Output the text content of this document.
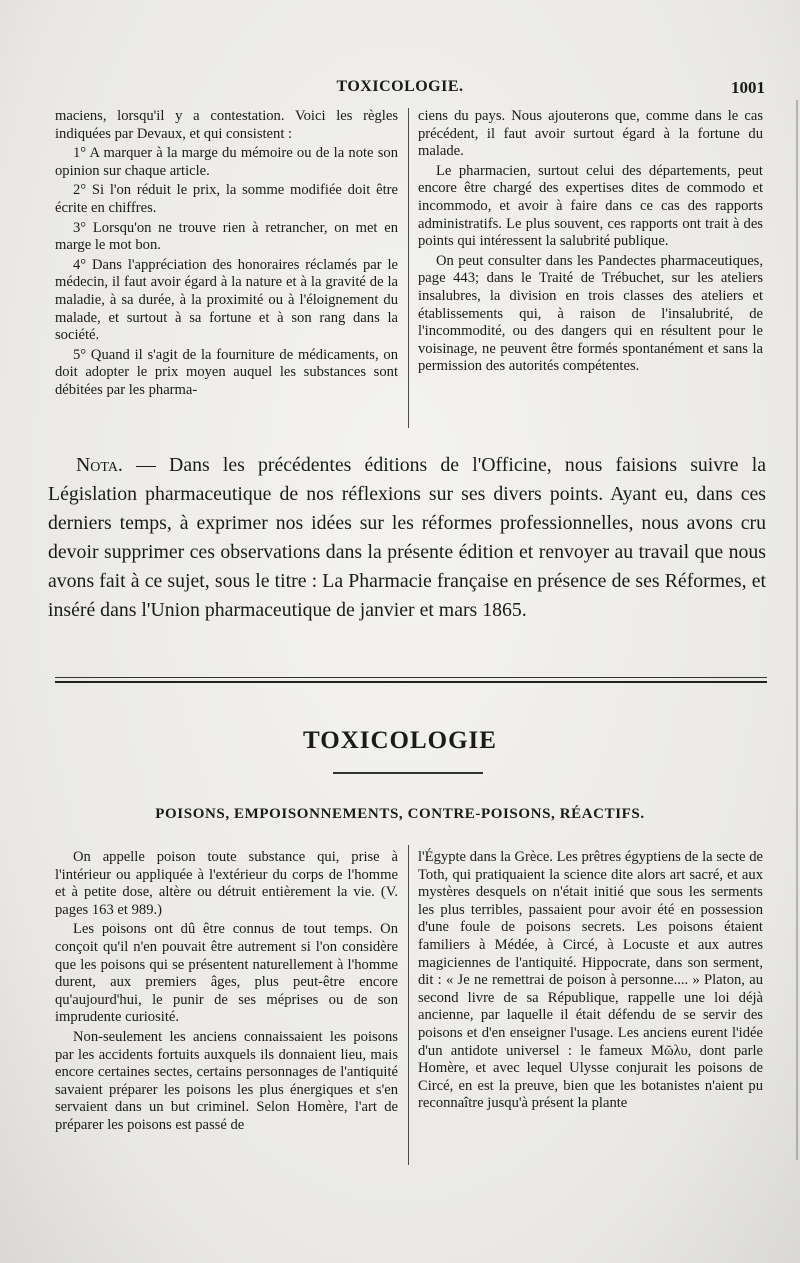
TOXICOLOGIE.	1001

maciens, lorsqu'il y a contestation. Voici les règles indiquées par Devaux, et qui consistent :

1° A marquer à la marge du mémoire ou de la note son opinion sur chaque article.

2° Si l'on réduit le prix, la somme modifiée doit être écrite en chiffres.

3° Lorsqu'on ne trouve rien à retrancher, on met en marge le mot bon.

4° Dans l'appréciation des honoraires réclamés par le médecin, il faut avoir égard à la nature et à la gravité de la maladie, à sa durée, à la proximité ou à l'éloignement du malade, et surtout à sa fortune et à son rang dans la société.

5° Quand il s'agit de la fourniture de médicaments, on doit adopter le prix moyen auquel les substances sont débitées par les pharma-

ciens du pays. Nous ajouterons que, comme dans le cas précédent, il faut avoir surtout égard à la fortune du malade.

Le pharmacien, surtout celui des départements, peut encore être chargé des expertises dites de commodo et incommodo, et avoir à faire dans ce cas des rapports administratifs. Le plus souvent, ces rapports ont trait à des points qui intéressent la salubrité publique.

On peut consulter dans les Pandectes pharmaceutiques, page 443; dans le Traité de Trébuchet, sur les ateliers insalubres, la division en trois classes des ateliers et établissements qui, à raison de l'insalubrité, de l'incommodité, ou des dangers qui en résultent pour le voisinage, ne peuvent être formés spontanément et sans la permission des autorités compétentes.

Nota. — Dans les précédentes éditions de l'Officine, nous faisions suivre la Législation pharmaceutique de nos réflexions sur ses divers points. Ayant eu, dans ces derniers temps, à exprimer nos idées sur les réformes professionnelles, nous avons cru devoir supprimer ces observations dans la présente édition et renvoyer au travail que nous avons fait à ce sujet, sous le titre : La Pharmacie française en présence de ses Réformes, et inséré dans l'Union pharmaceutique de janvier et mars 1865.

TOXICOLOGIE
POISONS, EMPOISONNEMENTS, CONTRE-POISONS, RÉACTIFS.

On appelle poison toute substance qui, prise à l'intérieur ou appliquée à l'extérieur du corps de l'homme et à petite dose, altère ou détruit entièrement la vie. (V. pages 163 et 989.)

Les poisons ont dû être connus de tout temps. On conçoit qu'il n'en pouvait être autrement si l'on considère que les poisons qui se présentent naturellement à l'homme durent, aux premiers âges, plus peut-être encore qu'aujourd'hui, le punir de ses méprises ou de son imprudente curiosité.

Non-seulement les anciens connaissaient les poisons par les accidents fortuits auxquels ils donnaient lieu, mais encore certaines sectes, certains personnages de l'antiquité savaient préparer les poisons les plus énergiques et s'en servaient dans un but criminel. Selon Homère, l'art de préparer les poisons est passé de

l'Égypte dans la Grèce. Les prêtres égyptiens de la secte de Toth, qui pratiquaient la science dite alors art sacré, et aux mystères desquels on n'était initié que sous les serments les plus terribles, passaient pour avoir été en possession d'une foule de poisons secrets. Les poisons étaient familiers à Médée, à Circé, à Locuste et aux autres magiciennes de l'antiquité. Hippocrate, dans son serment, dit : « Je ne remettrai de poison à personne.... » Platon, au second livre de sa République, rappelle une loi déjà ancienne, par laquelle il était défendu de se servir des poisons et d'en enseigner l'usage. Les anciens eurent l'idée d'un antidote universel : le fameux Μῶλυ, dont parle Homère, et avec lequel Ulysse conjurait les poisons de Circé, en est la preuve, bien que les botanistes n'aient pu reconnaître jusqu'à présent la plante
